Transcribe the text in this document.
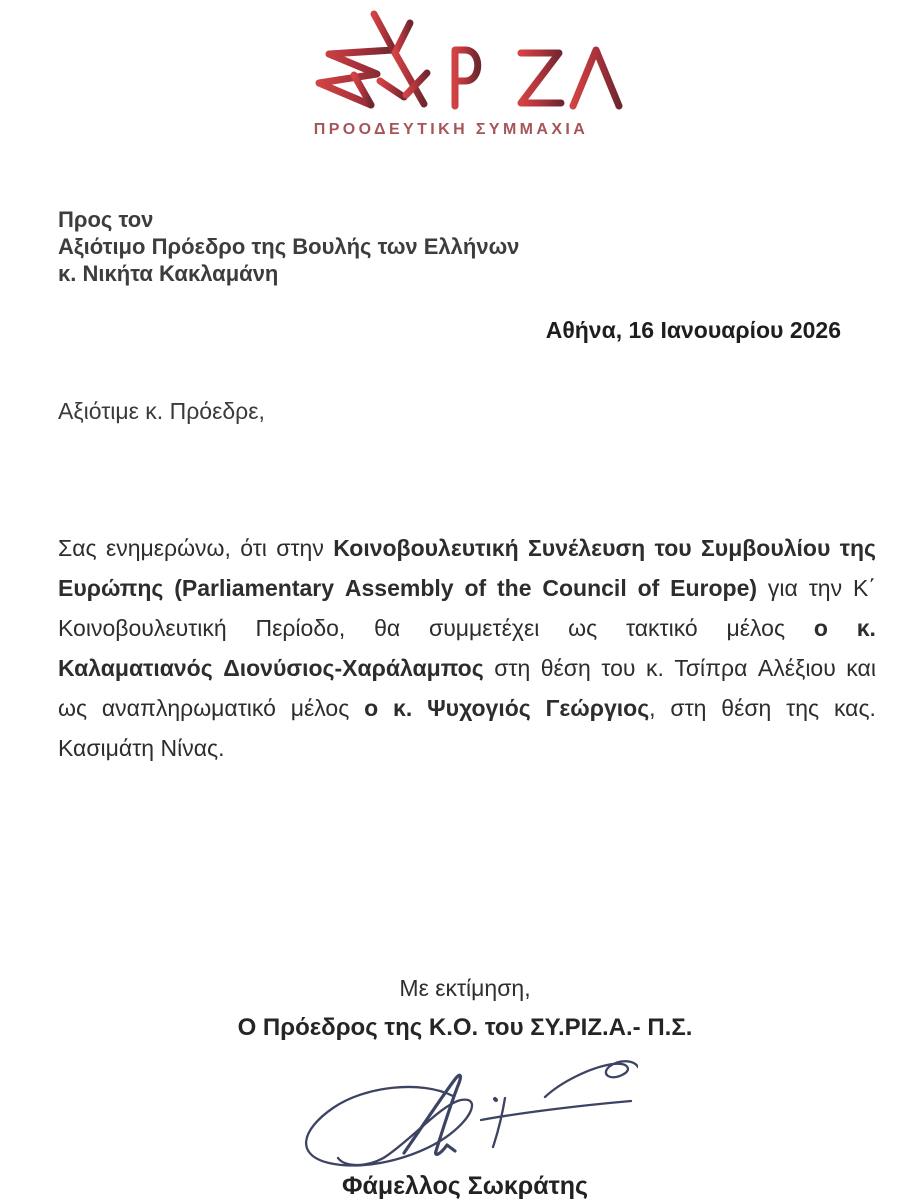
ΠΡΟΟΔΕΥΤΙΚΗ ΣΥΜΜΑΧΙΑ
Προς τον
Αξιότιμο Πρόεδρο της Βουλής των Ελλήνων
κ. Νικήτα Κακλαμάνη
Αθήνα, 16 Ιανουαρίου 2026
Αξιότιμε κ. Πρόεδρε,
Σας ενημερώνω, ότι στην Κοινοβουλευτική Συνέλευση του Συμβουλίου της
Ευρώπης (Parliamentary Assembly of the Council of Europe) για την Κ΄
Κοινοβουλευτική Περίοδο, θα συμμετέχει ως τακτικό μέλος ο κ.
Καλαματιανός Διονύσιος-Χαράλαμπος στη θέση του κ. Τσίπρα Αλέξιου και
ως αναπληρωματικό μέλος ο κ. Ψυχογιός Γεώργιος, στη θέση της κας.
Κασιμάτη Νίνας.
Με εκτίμηση,
Ο Πρόεδρος της Κ.Ο. του ΣΥ.ΡΙΖ.Α.- Π.Σ.
Φάμελλος Σωκράτης
